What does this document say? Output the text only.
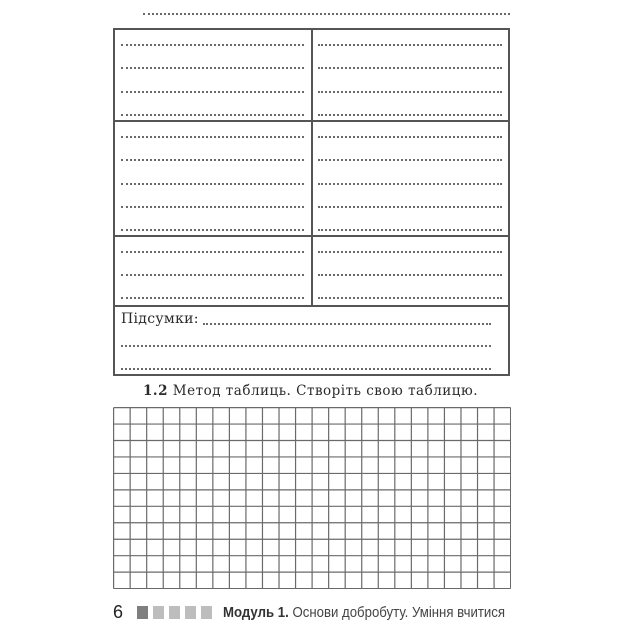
Підсумки:
1.2 Метод таблиць. Створіть свою таблицю.
6	Модуль 1. Основи добробуту. Уміння вчитися
